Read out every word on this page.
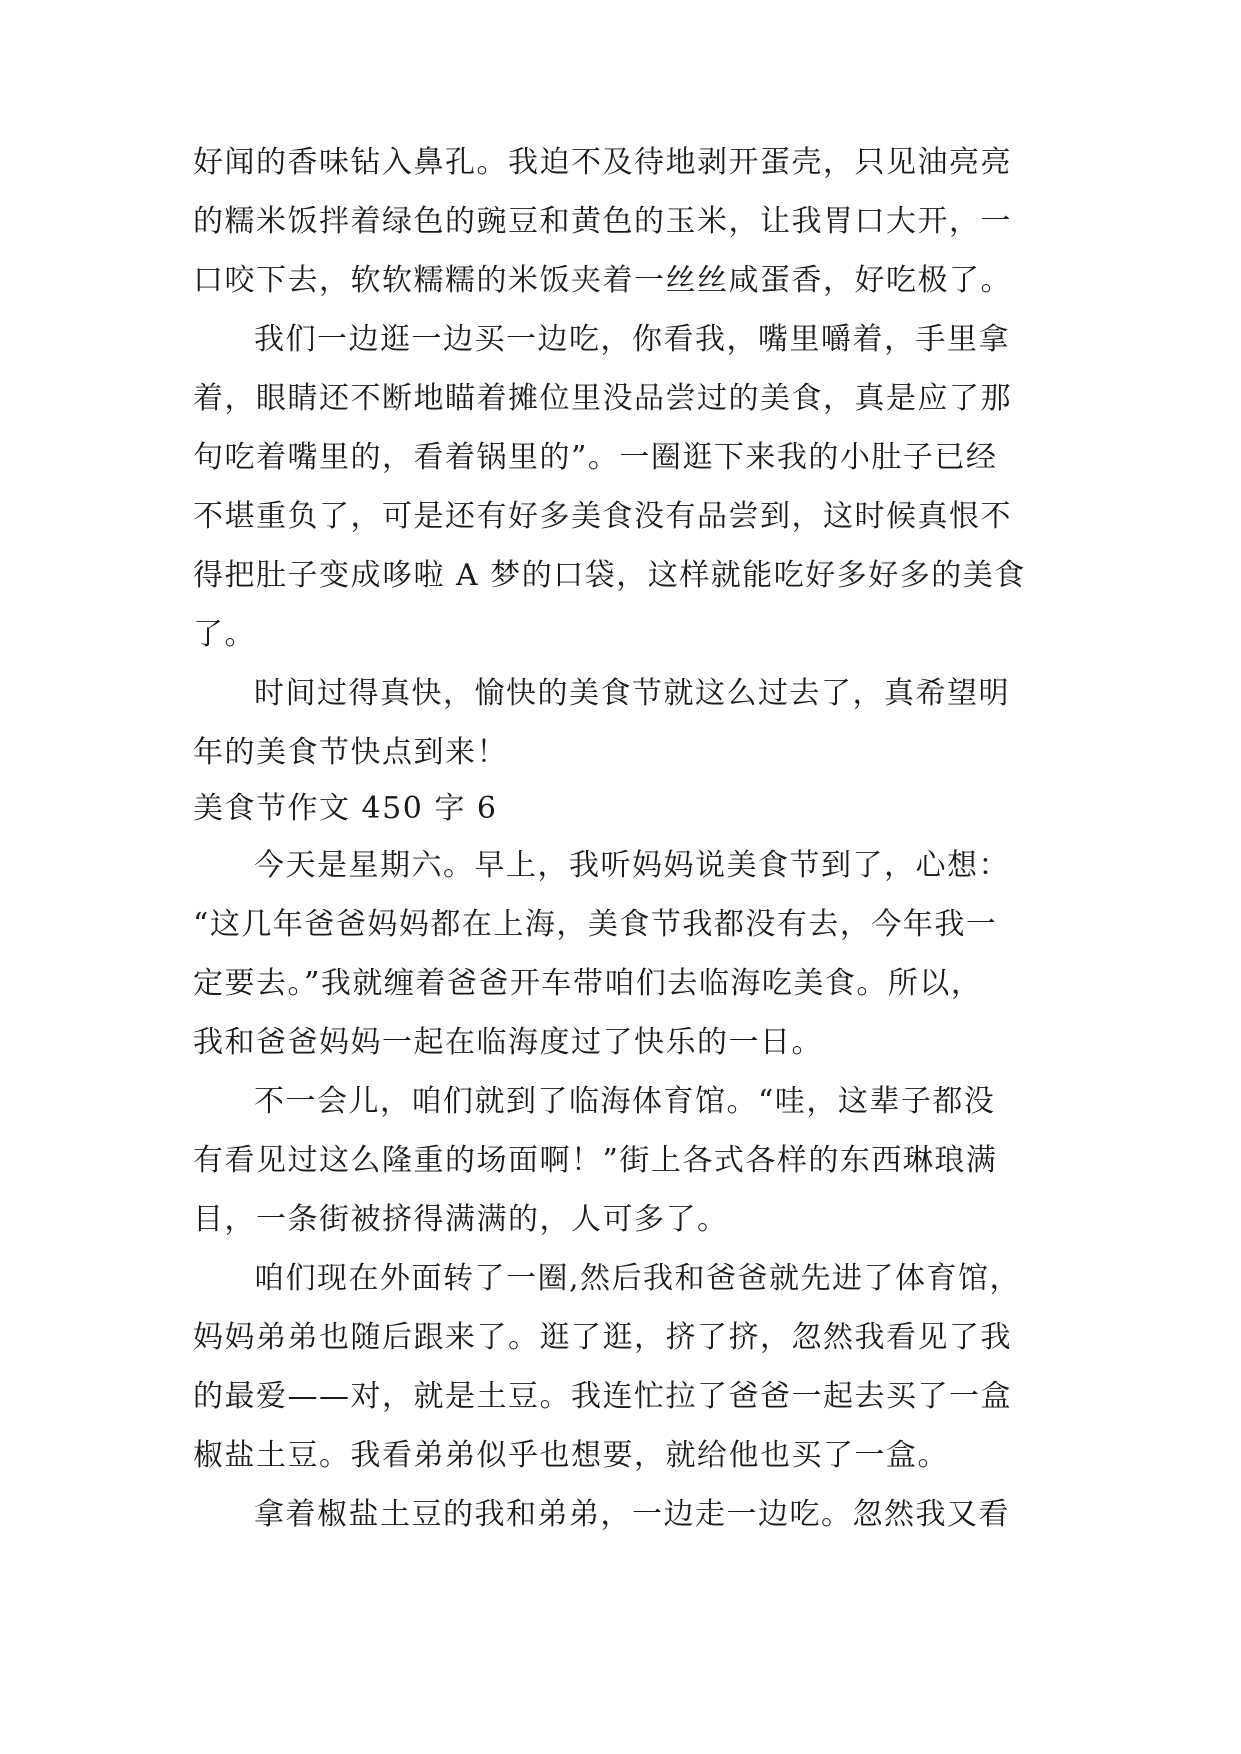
好闻的香味钻入鼻孔。我迫不及待地剥开蛋壳，只见油亮亮
的糯米饭拌着绿色的豌豆和黄色的玉米，让我胃口大开，一
口咬下去，软软糯糯的米饭夹着一丝丝咸蛋香，好吃极了。
我们一边逛一边买一边吃，你看我，嘴里嚼着，手里拿
着，眼睛还不断地瞄着摊位里没品尝过的美食，真是应了那
句吃着嘴里的，看着锅里的”。一圈逛下来我的小肚子已经
不堪重负了，可是还有好多美食没有品尝到，这时候真恨不
得把肚子变成哆啦 A 梦的口袋，这样就能吃好多好多的美食
了。
时间过得真快，愉快的美食节就这么过去了，真希望明
年的美食节快点到来！
美食节作文 450 字 6
今天是星期六。早上，我听妈妈说美食节到了，心想：
“这几年爸爸妈妈都在上海，美食节我都没有去，今年我一
定要去。”我就缠着爸爸开车带咱们去临海吃美食。所以，
我和爸爸妈妈一起在临海度过了快乐的一日。
不一会儿，咱们就到了临海体育馆。“哇，这辈子都没
有看见过这么隆重的场面啊！”街上各式各样的东西琳琅满
目，一条街被挤得满满的，人可多了。
咱们现在外面转了一圈,然后我和爸爸就先进了体育馆，
妈妈弟弟也随后跟来了。逛了逛，挤了挤，忽然我看见了我
的最爱——对，就是土豆。我连忙拉了爸爸一起去买了一盒
椒盐土豆。我看弟弟似乎也想要，就给他也买了一盒。
拿着椒盐土豆的我和弟弟，一边走一边吃。忽然我又看
